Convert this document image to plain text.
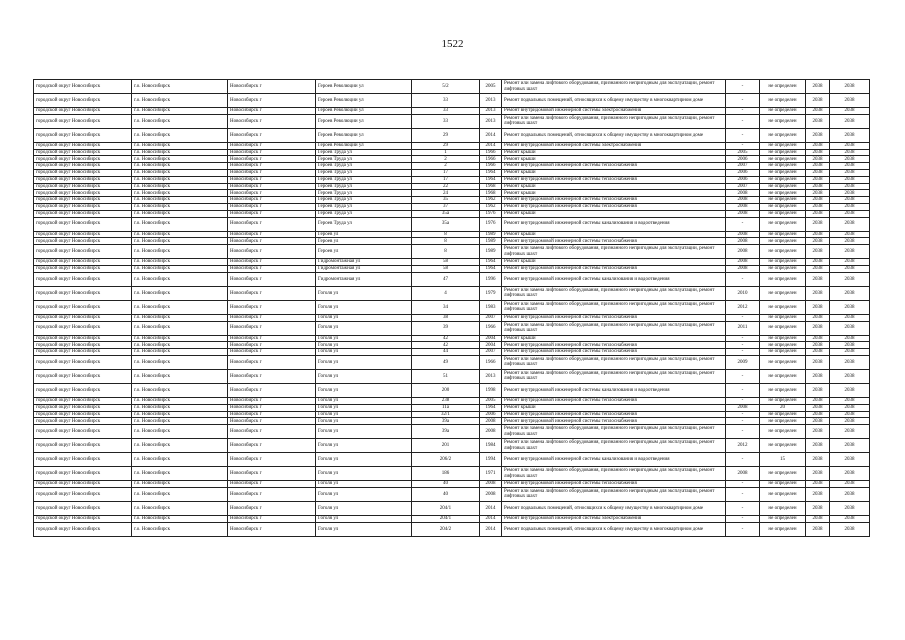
1522
городской округ Новосибирск	г.о. Новосибирск	Новосибирск г	Героев Революции ул	5/2	2005	Ремонт или замена лифтового оборудования, признанного непригодным для эксплуатации, ремонт лифтовых шахт	-	не определен	2038	2038
городской округ Новосибирск	г.о. Новосибирск	Новосибирск г	Героев Революции ул	33	2013	Ремонт подвальных помещений, относящихся к общему имуществу в многоквартирном доме	-	не определен	2038	2038
городской округ Новосибирск	г.о. Новосибирск	Новосибирск г	Героев Революции ул	33	2013	Ремонт внутридомовой инженерной системы электроснабжения	-	не определен	2038	2038
городской округ Новосибирск	г.о. Новосибирск	Новосибирск г	Героев Революции ул	33	2013	Ремонт или замена лифтового оборудования, признанного непригодным для эксплуатации, ремонт лифтовых шахт	-	не определен	2038	2038
городской округ Новосибирск	г.о. Новосибирск	Новосибирск г	Героев Революции ул	29	2014	Ремонт подвальных помещений, относящихся к общему имуществу в многоквартирном доме	-	не определен	2038	2038
городской округ Новосибирск	г.о. Новосибирск	Новосибирск г	Героев Революции ул	29	2014	Ремонт внутридомовой инженерной системы электроснабжения	-	не определен	2038	2038
городской округ Новосибирск	г.о. Новосибирск	Новосибирск г	Героев Труда ул	1	1966	Ремонт крыши	2005	не определен	2038	2038
городской округ Новосибирск	г.о. Новосибирск	Новосибирск г	Героев Труда ул	2	1966	Ремонт крыши	2006	не определен	2038	2038
городской округ Новосибирск	г.о. Новосибирск	Новосибирск г	Героев Труда ул	2	1966	Ремонт внутридомовой инженерной системы теплоснабжения	2007	не определен	2038	2038
городской округ Новосибирск	г.о. Новосибирск	Новосибирск г	Героев Труда ул	17	1964	Ремонт крыши	2006	не определен	2038	2038
городской округ Новосибирск	г.о. Новосибирск	Новосибирск г	Героев Труда ул	17	1964	Ремонт внутридомовой инженерной системы теплоснабжения	2006	не определен	2038	2038
городской округ Новосибирск	г.о. Новосибирск	Новосибирск г	Героев Труда ул	22	1968	Ремонт крыши	2007	не определен	2038	2038
городской округ Новосибирск	г.о. Новосибирск	Новосибирск г	Героев Труда ул	24	1968	Ремонт крыши	2008	не определен	2038	2038
городской округ Новосибирск	г.о. Новосибирск	Новосибирск г	Героев Труда ул	35	1962	Ремонт внутридомовой инженерной системы теплоснабжения	2008	не определен	2038	2038
городской округ Новосибирск	г.о. Новосибирск	Новосибирск г	Героев Труда ул	37	1962	Ремонт внутридомовой инженерной системы теплоснабжения	2008	не определен	2038	2038
городской округ Новосибирск	г.о. Новосибирск	Новосибирск г	Героев Труда ул	35а	1976	Ремонт крыши	2008	не определен	2038	2038
городской округ Новосибирск	г.о. Новосибирск	Новосибирск г	Героев Труда ул	35а	1976	Ремонт внутридомовой инженерной системы канализования и водоотведения	-	не определен	2038	2038
городской округ Новосибирск	г.о. Новосибирск	Новосибирск г	Героев ул	8	1989	Ремонт крыши	2008	не определен	2038	2038
городской округ Новосибирск	г.о. Новосибирск	Новосибирск г	Героев ул	8	1989	Ремонт внутридомовой инженерной системы теплоснабжения	2008	не определен	2038	2038
городской округ Новосибирск	г.о. Новосибирск	Новосибирск г	Героев ул	8	1989	Ремонт или замена лифтового оборудования, признанного непригодным для эксплуатации, ремонт лифтовых шахт	2008	не определен	2038	2038
городской округ Новосибирск	г.о. Новосибирск	Новосибирск г	Гидромонтажная ул	58	1964	Ремонт крыши	2008	не определен	2038	2038
городской округ Новосибирск	г.о. Новосибирск	Новосибирск г	Гидромонтажная ул	58	1964	Ремонт внутридомовой инженерной системы теплоснабжения	2008	не определен	2038	2038
городской округ Новосибирск	г.о. Новосибирск	Новосибирск г	Гидромонтажная ул	47	1996	Ремонт внутридомовой инженерной системы канализования и водоотведения	-	не определен	2038	2038
городской округ Новосибирск	г.о. Новосибирск	Новосибирск г	Гоголя ул	4	1979	Ремонт или замена лифтового оборудования, признанного непригодным для эксплуатации, ремонт лифтовых шахт	2010	не определен	2038	2038
городской округ Новосибирск	г.о. Новосибирск	Новосибирск г	Гоголя ул	34	1983	Ремонт или замена лифтового оборудования, признанного непригодным для эксплуатации, ремонт лифтовых шахт	2012	не определен	2038	2038
городской округ Новосибирск	г.о. Новосибирск	Новосибирск г	Гоголя ул	38	2007	Ремонт внутридомовой инженерной системы теплоснабжения	-	не определен	2038	2038
городской округ Новосибирск	г.о. Новосибирск	Новосибирск г	Гоголя ул	39	1966	Ремонт или замена лифтового оборудования, признанного непригодным для эксплуатации, ремонт лифтовых шахт	2011	не определен	2038	2038
городской округ Новосибирск	г.о. Новосибирск	Новосибирск г	Гоголя ул	42	2004	Ремонт крыши	-	не определен	2038	2038
городской округ Новосибирск	г.о. Новосибирск	Новосибирск г	Гоголя ул	42	2004	Ремонт внутридомовой инженерной системы теплоснабжения	-	не определен	2038	2038
городской округ Новосибирск	г.о. Новосибирск	Новосибирск г	Гоголя ул	44	2007	Ремонт внутридомовой инженерной системы теплоснабжения	-	не определен	2038	2038
городской округ Новосибирск	г.о. Новосибирск	Новосибирск г	Гоголя ул	49	1966	Ремонт или замена лифтового оборудования, признанного непригодным для эксплуатации, ремонт лифтовых шахт	2009	не определен	2038	2038
городской округ Новосибирск	г.о. Новосибирск	Новосибирск г	Гоголя ул	51	2013	Ремонт или замена лифтового оборудования, признанного непригодным для эксплуатации, ремонт лифтовых шахт	-	не определен	2038	2038
городской округ Новосибирск	г.о. Новосибирск	Новосибирск г	Гоголя ул	200	1998	Ремонт внутридомовой инженерной системы канализования и водоотведения	-	не определен	2038	2038
городской округ Новосибирск	г.о. Новосибирск	Новосибирск г	Гоголя ул	238	2005	Ремонт внутридомовой инженерной системы теплоснабжения	-	не определен	2038	2038
городской округ Новосибирск	г.о. Новосибирск	Новосибирск г	Гоголя ул	11а	1964	Ремонт крыши	2008	20	2038	2038
городской округ Новосибирск	г.о. Новосибирск	Новосибирск г	Гоголя ул	32/1	2006	Ремонт внутридомовой инженерной системы теплоснабжения	-	не определен	2038	2038
городской округ Новосибирск	г.о. Новосибирск	Новосибирск г	Гоголя ул	39а	2008	Ремонт внутридомовой инженерной системы теплоснабжения	-	не определен	2038	2038
городской округ Новосибирск	г.о. Новосибирск	Новосибирск г	Гоголя ул	39а	2008	Ремонт или замена лифтового оборудования, признанного непригодным для эксплуатации, ремонт лифтовых шахт	-	не определен	2038	2038
городской округ Новосибирск	г.о. Новосибирск	Новосибирск г	Гоголя ул	201	1984	Ремонт или замена лифтового оборудования, признанного непригодным для эксплуатации, ремонт лифтовых шахт	2012	не определен	2038	2038
городской округ Новосибирск	г.о. Новосибирск	Новосибирск г	Гоголя ул	206/2	1994	Ремонт внутридомовой инженерной системы канализования и водоотведения	-	15	2038	2038
городской округ Новосибирск	г.о. Новосибирск	Новосибирск г	Гоголя ул	186	1971	Ремонт или замена лифтового оборудования, признанного непригодным для эксплуатации, ремонт лифтовых шахт	2008	не определен	2038	2038
городской округ Новосибирск	г.о. Новосибирск	Новосибирск г	Гоголя ул	40	2008	Ремонт внутридомовой инженерной системы теплоснабжения	-	не определен	2038	2038
городской округ Новосибирск	г.о. Новосибирск	Новосибирск г	Гоголя ул	40	2008	Ремонт или замена лифтового оборудования, признанного непригодным для эксплуатации, ремонт лифтовых шахт	-	не определен	2038	2038
городской округ Новосибирск	г.о. Новосибирск	Новосибирск г	Гоголя ул	204/1	2014	Ремонт подвальных помещений, относящихся к общему имуществу в многоквартирном доме	-	не определен	2038	2038
городской округ Новосибирск	г.о. Новосибирск	Новосибирск г	Гоголя ул	204/1	2014	Ремонт внутридомовой инженерной системы электроснабжения	-	не определен	2038	2038
городской округ Новосибирск	г.о. Новосибирск	Новосибирск г	Гоголя ул	204/2	2014	Ремонт подвальных помещений, относящихся к общему имуществу в многоквартирном доме	-	не определен	2038	2038
